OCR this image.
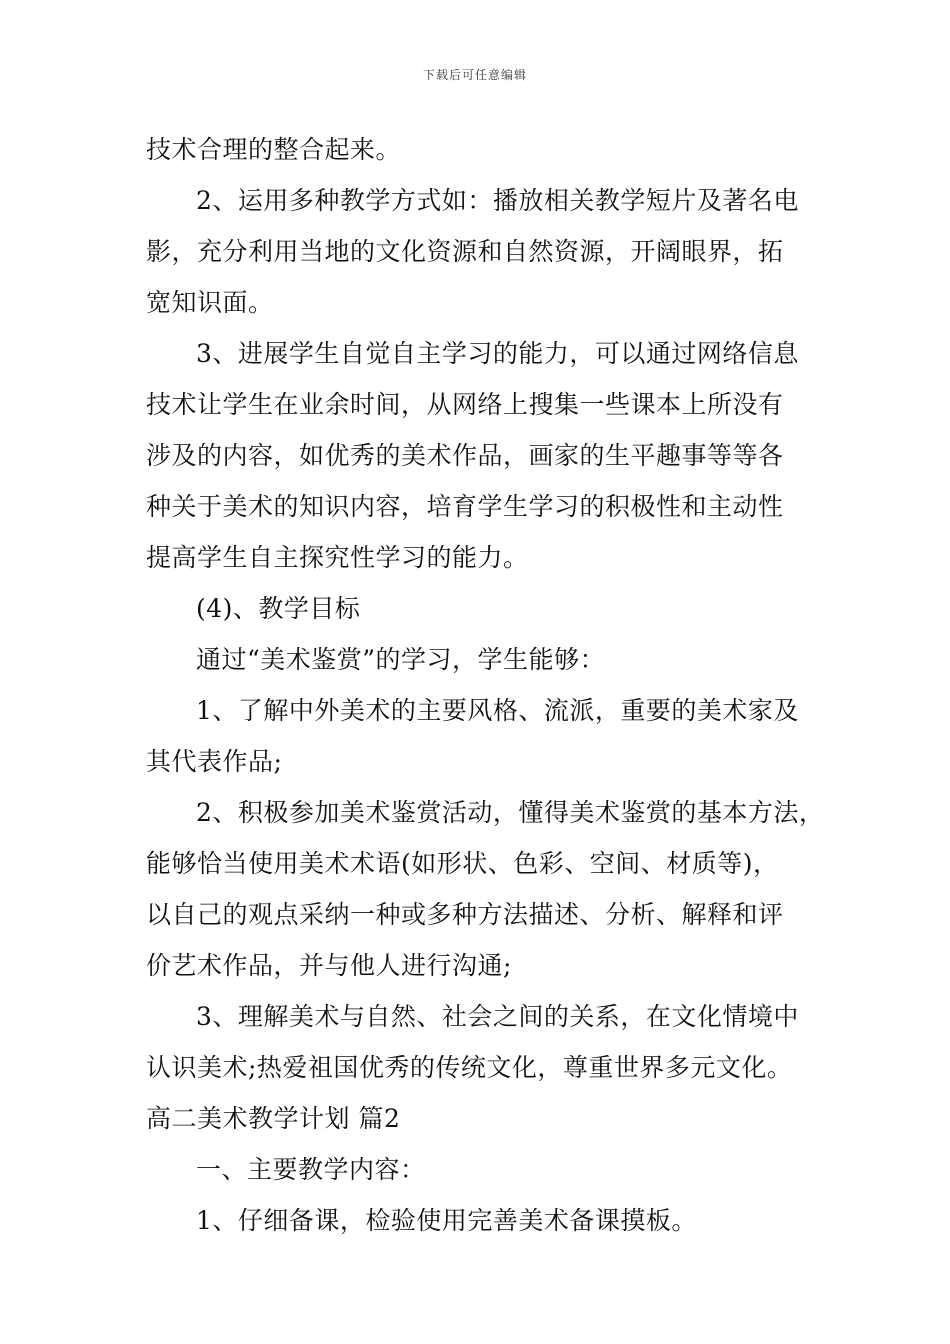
下载后可任意编辑
技术合理的整合起来。
2、运用多种教学方式如：播放相关教学短片及著名电
影，充分利用当地的文化资源和自然资源，开阔眼界，拓
宽知识面。
3、进展学生自觉自主学习的能力，可以通过网络信息
技术让学生在业余时间，从网络上搜集一些课本上所没有
涉及的内容，如优秀的美术作品，画家的生平趣事等等各
种关于美术的知识内容，培育学生学习的积极性和主动性
提高学生自主探究性学习的能力。
(4)、教学目标
通过“美术鉴赏”的学习，学生能够：
1、了解中外美术的主要风格、流派，重要的美术家及
其代表作品;
2、积极参加美术鉴赏活动，懂得美术鉴赏的基本方法，
能够恰当使用美术术语(如形状、色彩、空间、材质等)，
以自己的观点采纳一种或多种方法描述、分析、解释和评
价艺术作品，并与他人进行沟通;
3、理解美术与自然、社会之间的关系，在文化情境中
认识美术;热爱祖国优秀的传统文化，尊重世界多元文化。
高二美术教学计划 篇2
一、主要教学内容：
1、仔细备课，检验使用完善美术备课摸板。
